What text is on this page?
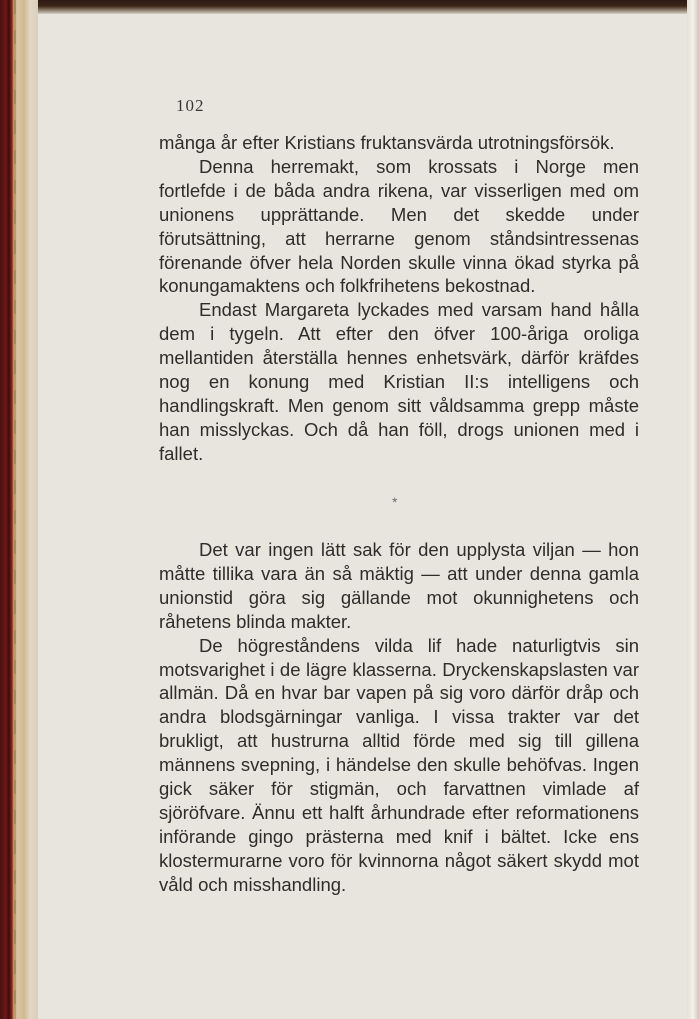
102

många år efter Kristians fruktansvärda utrotningsförsök.

Denna herremakt, som krossats i Norge men fortlefde i de båda andra rikena, var visserligen med om unionens upprättande. Men det skedde under förutsättning, att herrarne genom ståndsintressenas förenande öfver hela Norden skulle vinna ökad styrka på konungamaktens och folkfrihetens bekostnad.

Endast Margareta lyckades med varsam hand hålla dem i tygeln. Att efter den öfver 100-åriga oroliga mellantiden återställa hennes enhetsvärk, därför kräfdes nog en konung med Kristian II:s intelligens och handlingskraft. Men genom sitt våldsamma grepp måste han misslyckas. Och då han föll, drogs unionen med i fallet.

*

Det var ingen lätt sak för den upplysta viljan — hon måtte tillika vara än så mäktig — att under denna gamla unionstid göra sig gällande mot okunnighetens och råhetens blinda makter.

De högreståndens vilda lif hade naturligtvis sin motsvarighet i de lägre klasserna. Dryckenskapslasten var allmän. Då en hvar bar vapen på sig voro därför dråp och andra blodsgärningar vanliga. I vissa trakter var det brukligt, att hustrurna alltid förde med sig till gillena männens svepning, i händelse den skulle behöfvas. Ingen gick säker för stigmän, och farvattnen vimlade af sjöröfvare. Ännu ett halft århundrade efter reformationens införande gingo prästerna med knif i bältet. Icke ens klostermurarne voro för kvinnorna något säkert skydd mot våld och misshandling.
